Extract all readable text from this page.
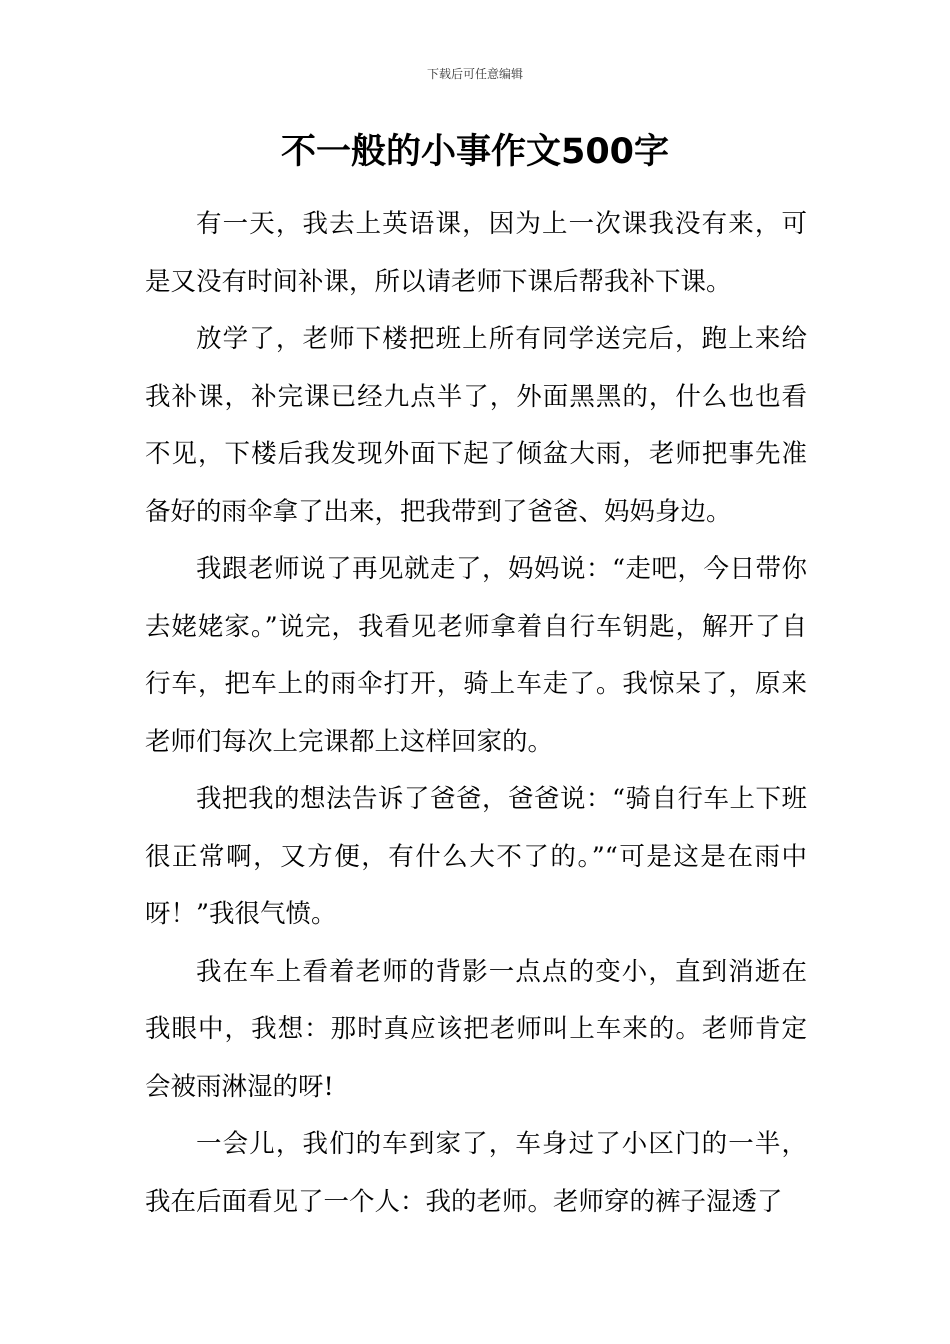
下载后可任意编辑
不一般的小事作文500字

有一天，我去上英语课，因为上一次课我没有来，可是又没有时间补课，所以请老师下课后帮我补下课。

放学了，老师下楼把班上所有同学送完后，跑上来给我补课，补完课已经九点半了，外面黑黑的，什么也也看不见，下楼后我发现外面下起了倾盆大雨，老师把事先准备好的雨伞拿了出来，把我带到了爸爸、妈妈身边。

我跟老师说了再见就走了，妈妈说：“走吧，今日带你去姥姥家。”说完，我看见老师拿着自行车钥匙，解开了自行车，把车上的雨伞打开，骑上车走了。我惊呆了，原来老师们每次上完课都上这样回家的。

我把我的想法告诉了爸爸，爸爸说：“骑自行车上下班很正常啊，又方便，有什么大不了的。”“可是这是在雨中呀！”我很气愤。

我在车上看着老师的背影一点点的变小，直到消逝在我眼中，我想：那时真应该把老师叫上车来的。老师肯定会被雨淋湿的呀!

一会儿，我们的车到家了，车身过了小区门的一半，我在后面看见了一个人：我的老师。老师穿的裤子湿透了
